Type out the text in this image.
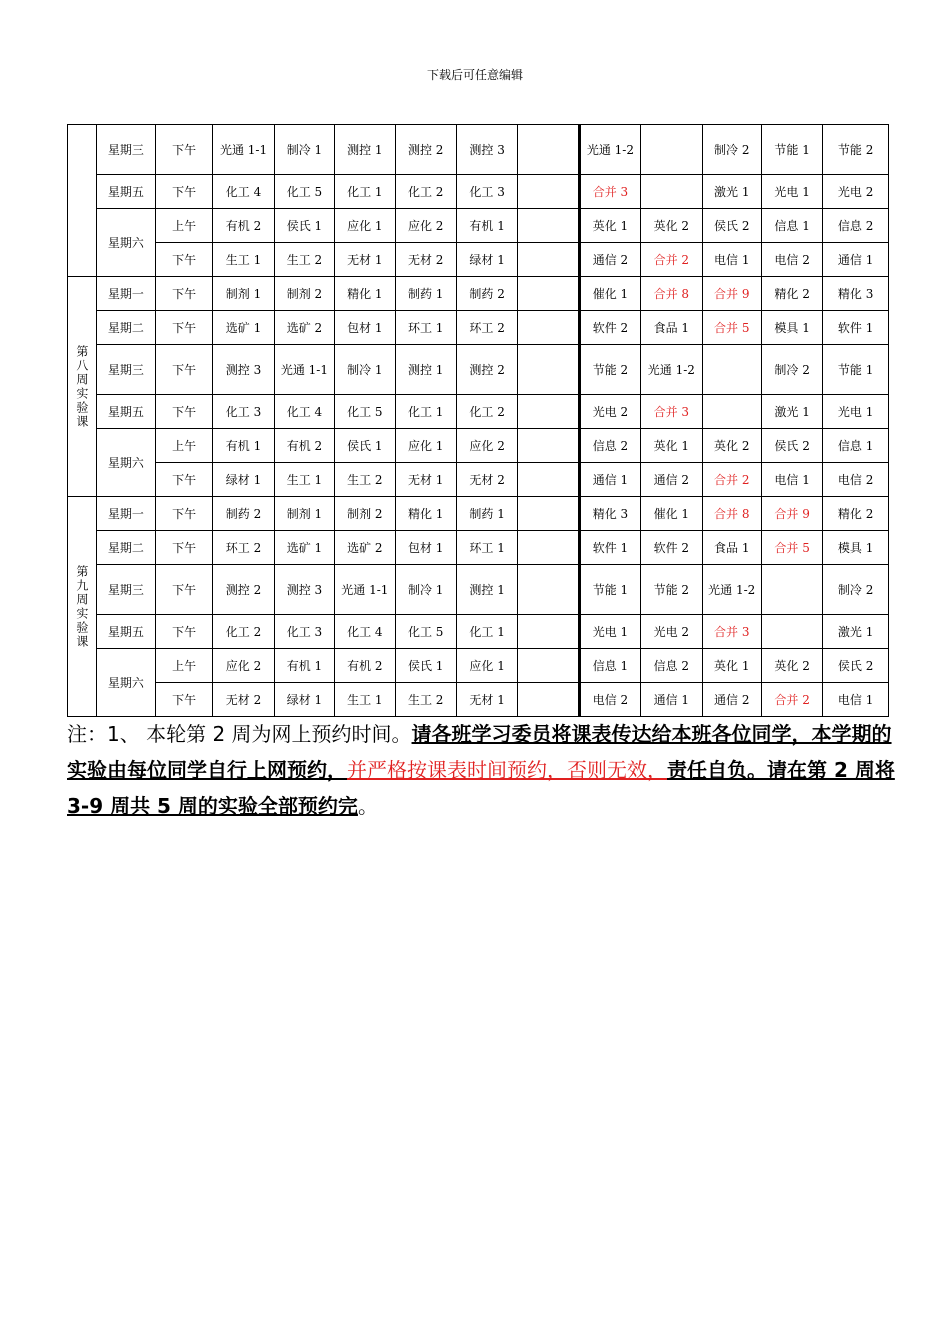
下载后可任意编辑
	星期三	下午	光通 1-1	制冷 1	测控 1	测控 2	测控 3		光通 1-2		制冷 2	节能 1	节能 2
	星期五	下午	化工 4	化工 5	化工 1	化工 2	化工 3		合并 3		激光 1	光电 1	光电 2
	星期六	上午	有机 2	侯氏 1	应化 1	应化 2	有机 1		英化 1	英化 2	侯氏 2	信息 1	信息 2
		下午	生工 1	生工 2	无材 1	无材 2	绿材 1		通信 2	合并 2	电信 1	电信 2	通信 1

第八周实验课	星期一	下午	制剂 1	制剂 2	精化 1	制药 1	制药 2		催化 1	合并 8	合并 9	精化 2	精化 3
	星期二	下午	选矿 1	选矿 2	包材 1	环工 1	环工 2		软件 2	食品 1	合并 5	模具 1	软件 1
	星期三	下午	测控 3	光通 1-1	制冷 1	测控 1	测控 2		节能 2	光通 1-2		制冷 2	节能 1
	星期五	下午	化工 3	化工 4	化工 5	化工 1	化工 2		光电 2	合并 3		激光 1	光电 1
	星期六	上午	有机 1	有机 2	侯氏 1	应化 1	应化 2		信息 2	英化 1	英化 2	侯氏 2	信息 1
		下午	绿材 1	生工 1	生工 2	无材 1	无材 2		通信 1	通信 2	合并 2	电信 1	电信 2

第九周实验课	星期一	下午	制药 2	制剂 1	制剂 2	精化 1	制药 1		精化 3	催化 1	合并 8	合并 9	精化 2
	星期二	下午	环工 2	选矿 1	选矿 2	包材 1	环工 1		软件 1	软件 2	食品 1	合并 5	模具 1
	星期三	下午	测控 2	测控 3	光通 1-1	制冷 1	测控 1		节能 1	节能 2	光通 1-2		制冷 2
	星期五	下午	化工 2	化工 3	化工 4	化工 5	化工 1		光电 1	光电 2	合并 3		激光 1
	星期六	上午	应化 2	有机 1	有机 2	侯氏 1	应化 1		信息 1	信息 2	英化 1	英化 2	侯氏 2
		下午	无材 2	绿材 1	生工 1	生工 2	无材 1		电信 2	通信 1	通信 2	合并 2	电信 1
注：1、 本轮第 2 周为网上预约时间。请各班学习委员将课表传达给本班各位同学，本学期的实验由每位同学自行上网预约，并严格按课表时间预约，否则无效，责任自负。请在第 2 周将 3-9 周共 5 周的实验全部预约完。
